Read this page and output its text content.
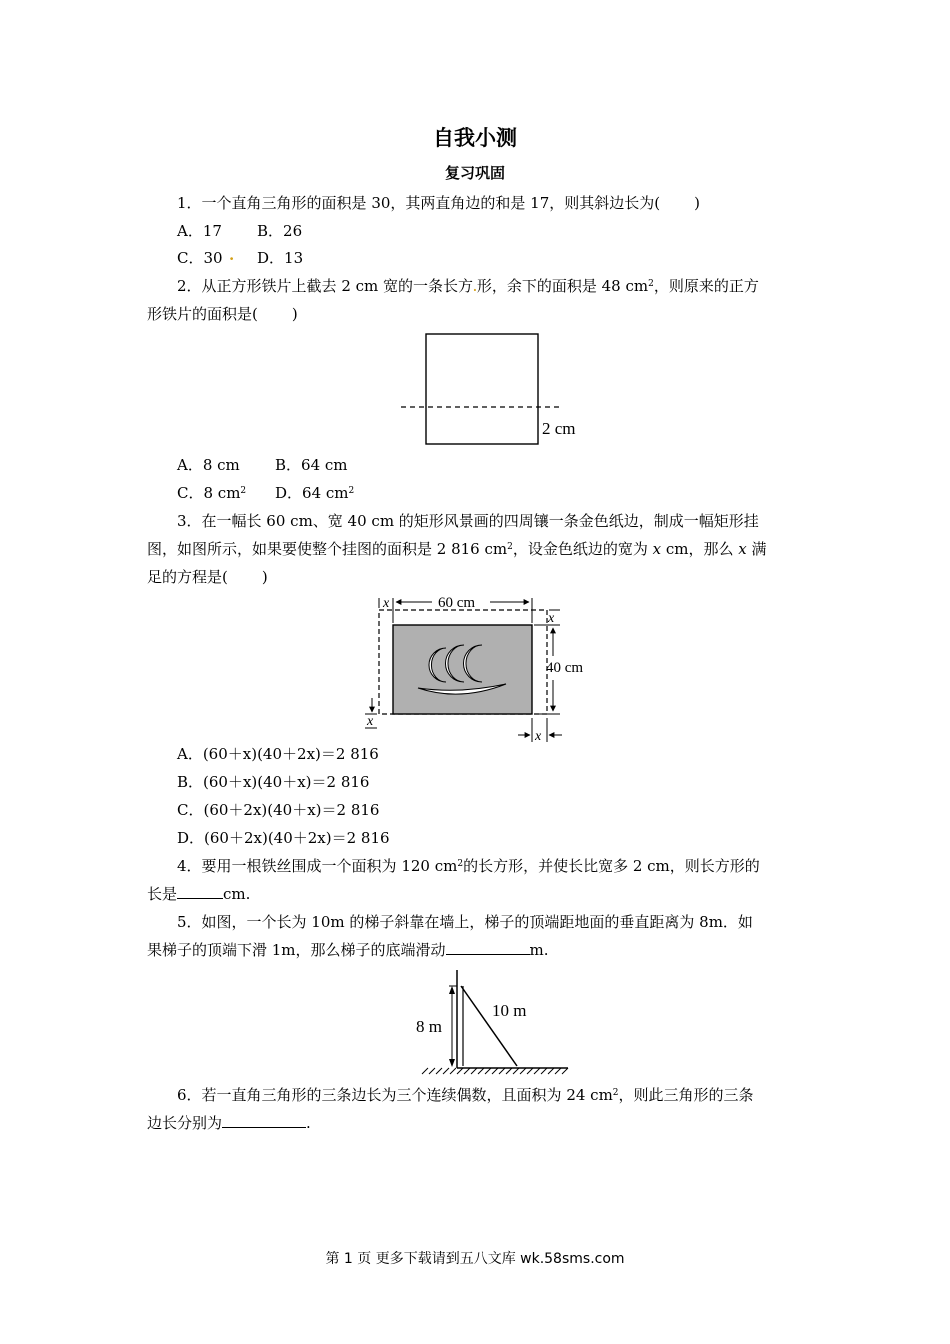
自我小测
复习巩固
1．一个直角三角形的面积是 30，其两直角边的和是 17，则其斜边长为( )
A．17 B．26
C．30 . D．13
2．从正方形铁片上截去 2 cm 宽的一条长方.形，余下的面积是 48 $cm^2$，则原来的正方
形铁片的面积是( )
2 cm
A．8 cm B．64 cm
C．8 $cm^2$ D．64 $cm^2$
3．在一幅长 60 cm、宽 40 cm 的矩形风景画的四周镶一条金色纸边，制成一幅矩形挂
图，如图所示，如果要使整个挂图的面积是 2 816 $cm^2$，设金色纸边的宽为 x cm，那么 x 满
足的方程是( )
x	60 cm
x
40 cm
x
x
A．(60＋x)(40＋2x)＝2 816
B．(60＋x)(40＋x)＝2 816
C．(60＋2x)(40＋x)＝2 816
D．(60＋2x)(40＋2x)＝2 816
4．要用一根铁丝围成一个面积为 120 $cm^2$的长方形，并使长比宽多 2 cm，则长方形的
长是	cm.
5．如图，一个长为 10m 的梯子斜靠在墙上，梯子的顶端距地面的垂直距离为 8m．如
果梯子的顶端下滑 1m，那么梯子的底端滑动	m.
8 m
10 m
6．若一直角三角形的三条边长为三个连续偶数，且面积为 24 $cm^2$，则此三角形的三条
边长分别为	.
第 1 页 更多下载请到五八文库 wk.58sms.com
